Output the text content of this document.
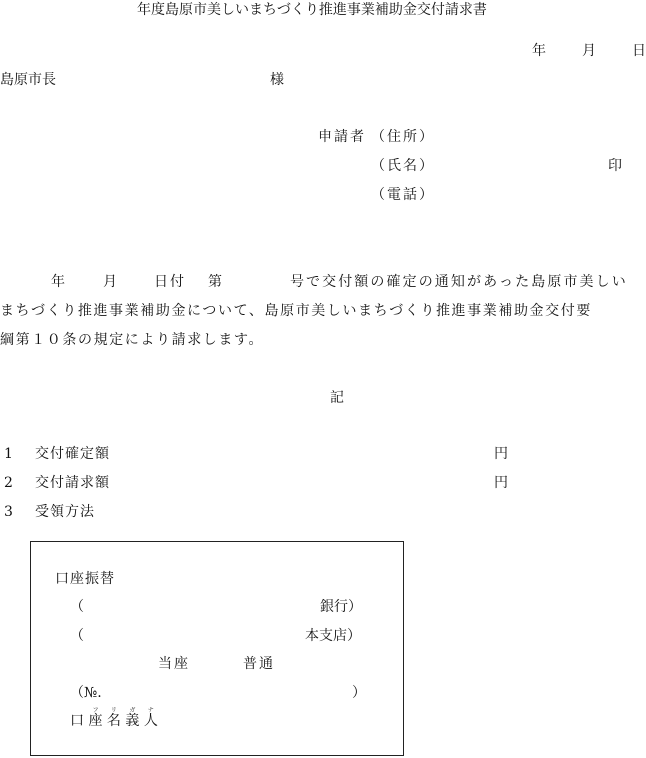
年度島原市美しいまちづくり推進事業補助金交付請求書
年	月	日
島原市長	様
申請者 （住所）
（氏名）	印
（電話）
年	月	日付 第	号 で交付額の確定の通知があった島原市美しい
まちづくり推進事業補助金について、島原市美しいまちづくり推進事業補助金交付要
綱第１０条の規定により請求します。
記
1 交付確定額	円
2 交付請求額	円
3 受領方法
口座振替
（	銀行）
（	本支店）
当座	普通
（№.	）
口 座フ 名リ 義ガ 人ナ
